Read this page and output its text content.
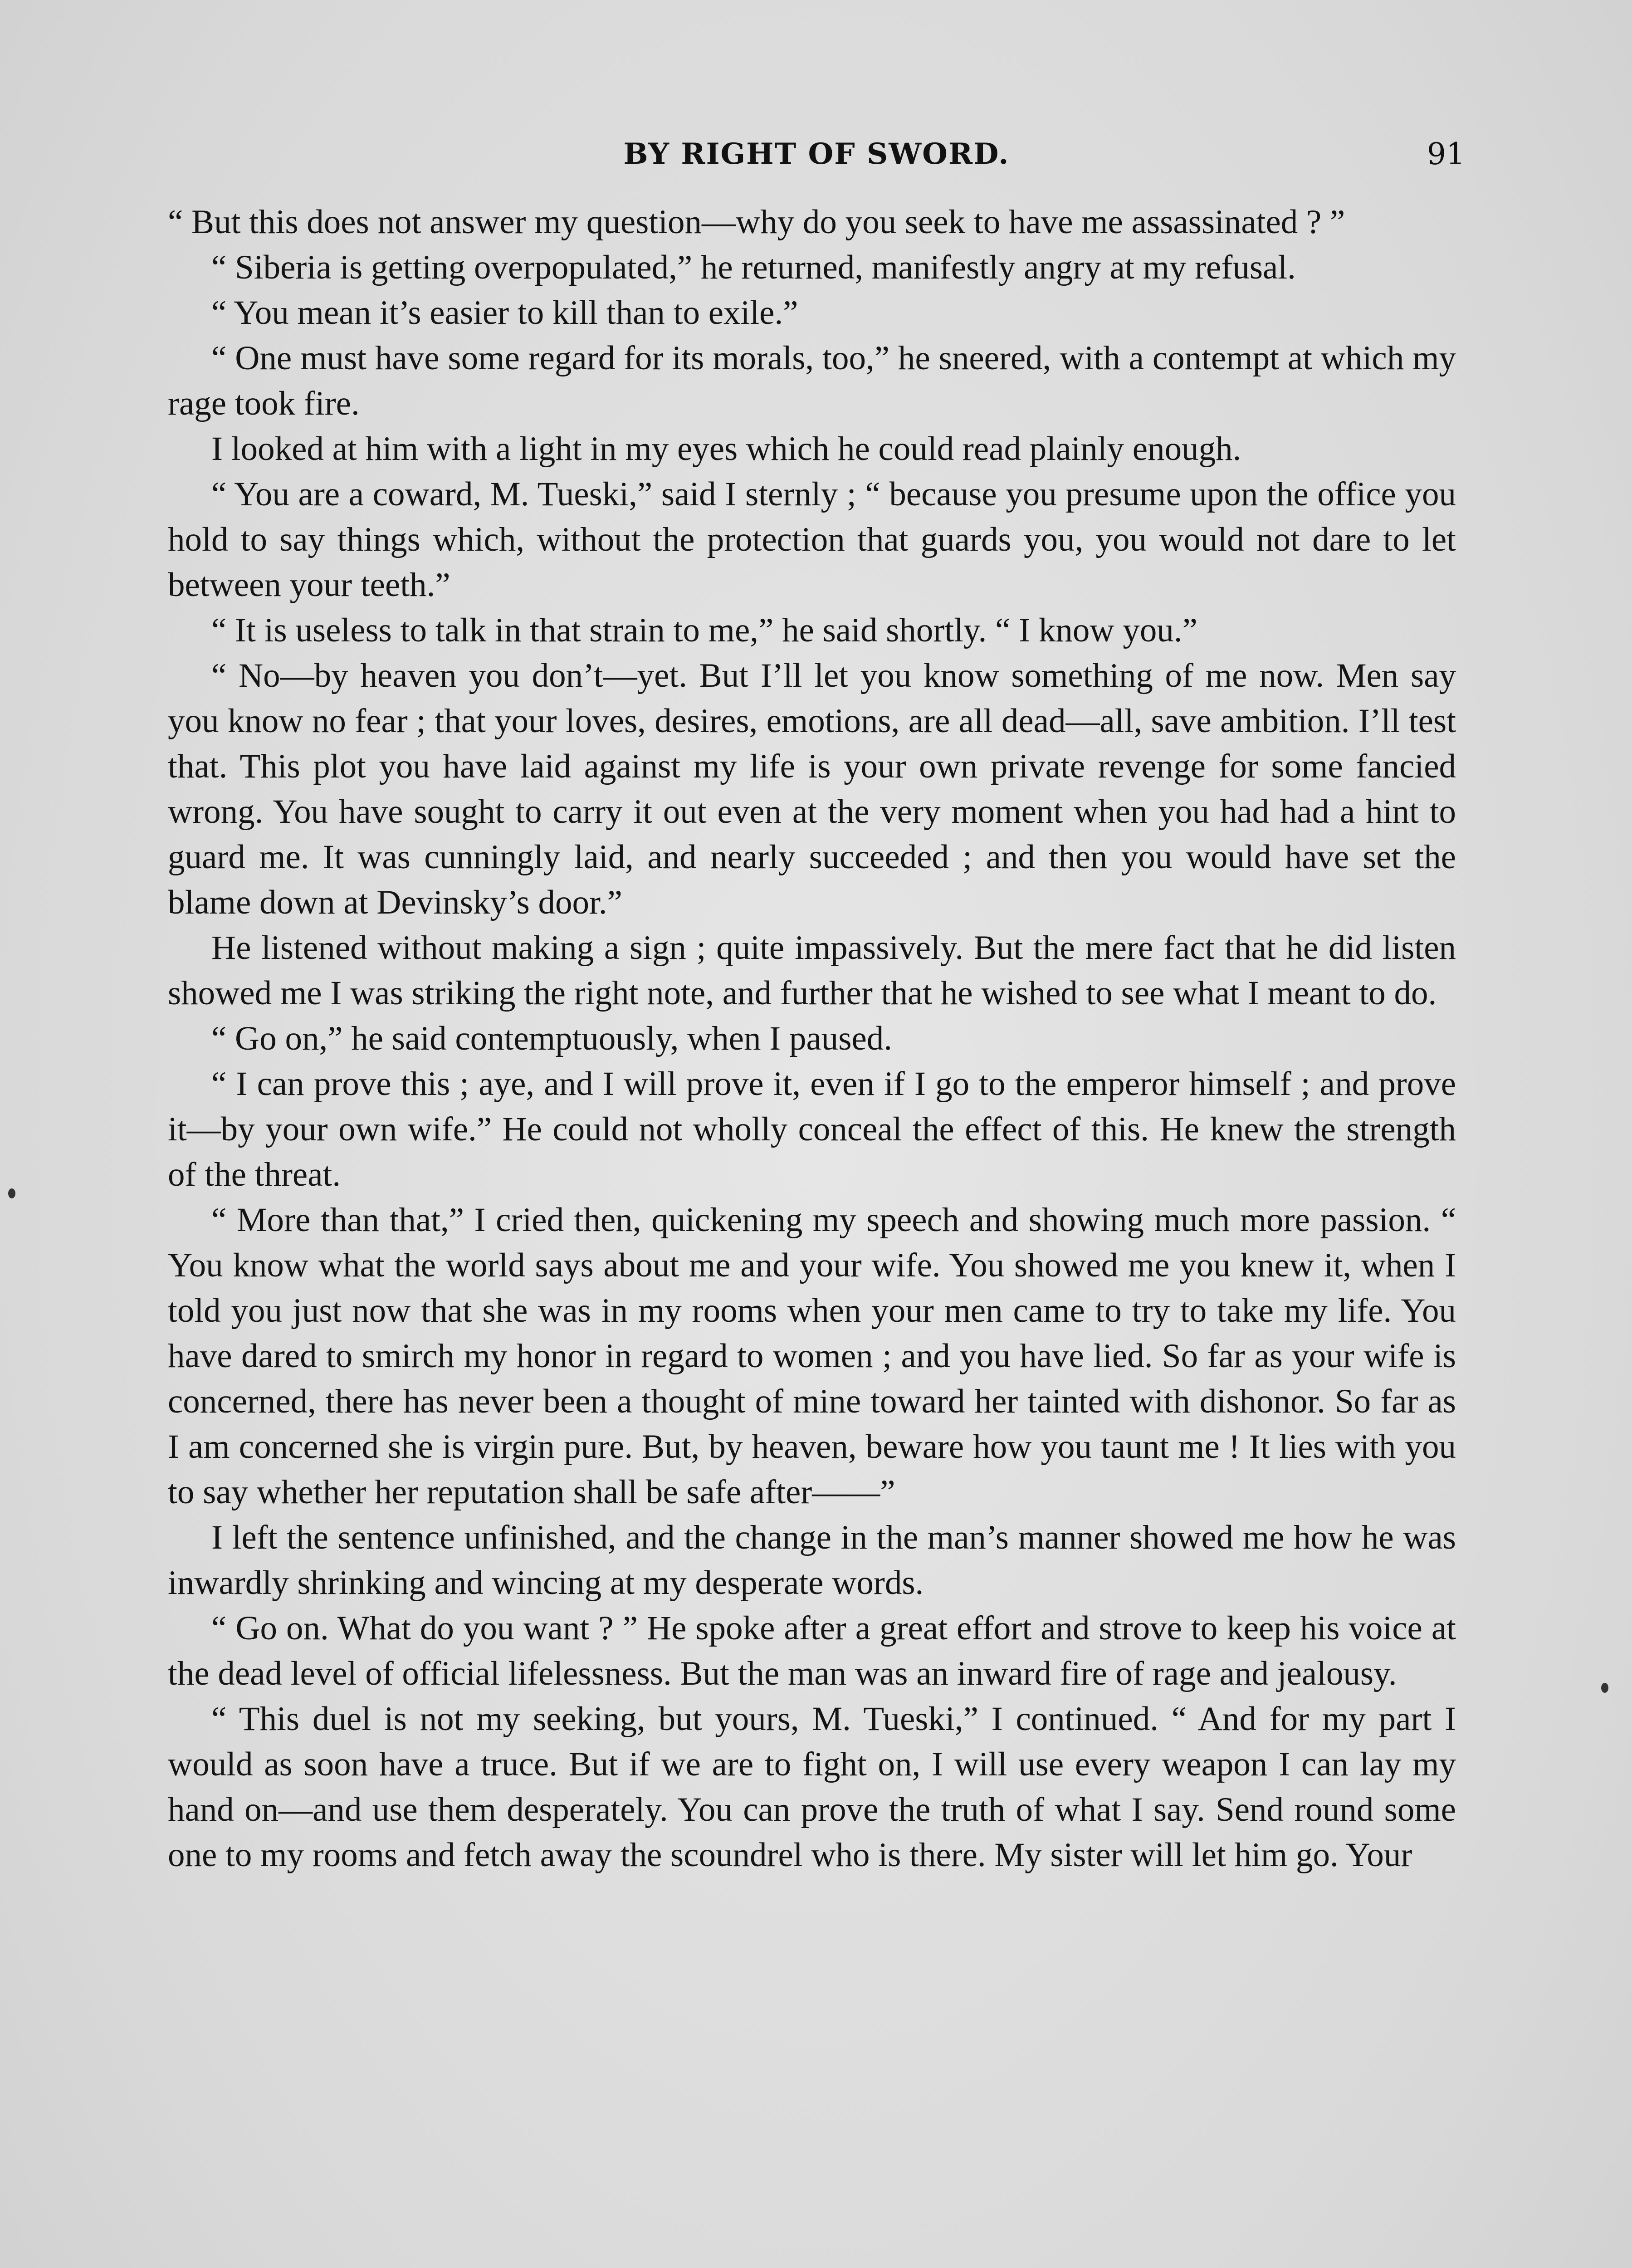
BY RIGHT OF SWORD.	91

“ But this does not answer my question—why do you seek to have me assassinated ? ”

“ Siberia is getting overpopulated,” he returned, manifestly angry at my refusal.

“ You mean it’s easier to kill than to exile.”

“ One must have some regard for its morals, too,” he sneered, with a contempt at which my rage took fire.

I looked at him with a light in my eyes which he could read plainly enough.

“ You are a coward, M. Tueski,” said I sternly ; “ because you presume upon the office you hold to say things which, without the protection that guards you, you would not dare to let between your teeth.”

“ It is useless to talk in that strain to me,” he said shortly. “ I know you.”

“ No—by heaven you don’t—yet. But I’ll let you know something of me now. Men say you know no fear ; that your loves, desires, emotions, are all dead—all, save ambition. I’ll test that. This plot you have laid against my life is your own private revenge for some fancied wrong. You have sought to carry it out even at the very moment when you had had a hint to guard me. It was cunningly laid, and nearly succeeded ; and then you would have set the blame down at Devinsky’s door.”

He listened without making a sign ; quite impassively. But the mere fact that he did listen showed me I was striking the right note, and further that he wished to see what I meant to do.

“ Go on,” he said contemptuously, when I paused.

“ I can prove this ; aye, and I will prove it, even if I go to the emperor himself ; and prove it—by your own wife.” He could not wholly conceal the effect of this. He knew the strength of the threat.

“ More than that,” I cried then, quickening my speech and showing much more passion. “ You know what the world says about me and your wife. You showed me you knew it, when I told you just now that she was in my rooms when your men came to try to take my life. You have dared to smirch my honor in regard to women ; and you have lied. So far as your wife is concerned, there has never been a thought of mine toward her tainted with dishonor. So far as I am concerned she is virgin pure. But, by heaven, beware how you taunt me ! It lies with you to say whether her reputation shall be safe after——”

I left the sentence unfinished, and the change in the man’s manner showed me how he was inwardly shrinking and wincing at my desperate words.

“ Go on. What do you want ? ” He spoke after a great effort and strove to keep his voice at the dead level of official lifelessness. But the man was an inward fire of rage and jealousy.

“ This duel is not my seeking, but yours, M. Tueski,” I continued. “ And for my part I would as soon have a truce. But if we are to fight on, I will use every weapon I can lay my hand on—and use them desperately. You can prove the truth of what I say. Send round some one to my rooms and fetch away the scoundrel who is there. My sister will let him go. Your
